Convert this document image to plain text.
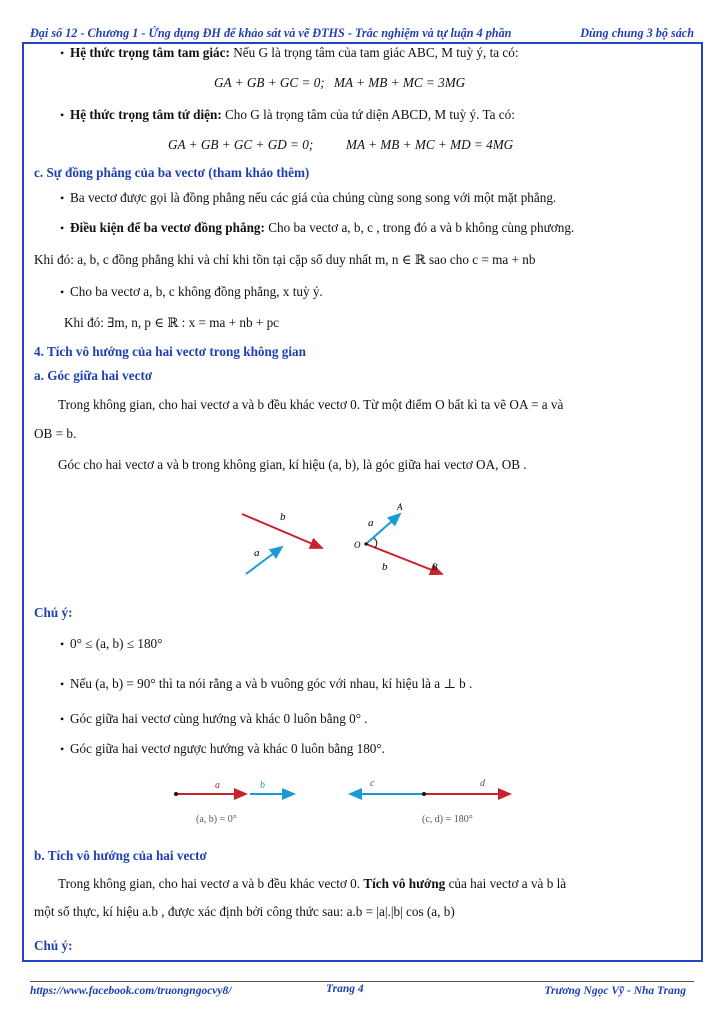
Đại số 12 - Chương 1 - Ứng dụng ĐH để khảo sát và vẽ ĐTHS - Trắc nghiệm và tự luận 4 phần	Dùng chung 3 bộ sách
• Hệ thức trọng tâm tam giác: Nếu G là trọng tâm của tam giác ABC, M tuỳ ý, ta có:
GA + GB + GC = 0; MA + MB + MC = 3MG
• Hệ thức trọng tâm tứ diện: Cho G là trọng tâm của tứ diện ABCD, M tuỳ ý. Ta có:
GA + GB + GC + GD = 0; MA + MB + MC + MD = 4MG
c. Sự đồng phẳng của ba vectơ (tham khảo thêm)
• Ba vectơ được gọi là đồng phẳng nếu các giá của chúng cùng song song với một mặt phẳng.
• Điều kiện để ba vectơ đồng phẳng: Cho ba vectơ a, b, c , trong đó a và b không cùng phương.
Khi đó: a, b, c đồng phẳng khi và chỉ khi tồn tại cặp số duy nhất m, n ∈ ℝ sao cho c = ma + nb
• Cho ba vectơ a, b, c không đồng phẳng, x tuỳ ý.
Khi đó: ∃m, n, p ∈ ℝ : x = ma + nb + pc
4. Tích vô hướng của hai vectơ trong không gian
a. Góc giữa hai vectơ
Trong không gian, cho hai vectơ a và b đều khác vectơ 0. Từ một điểm O bất kì ta vẽ OA = a và
OB = b.
Góc cho hai vectơ a và b trong không gian, kí hiệu (a, b), là góc giữa hai vectơ OA, OB .
b
a
a
A
O
b	B
Chú ý:
• 0° ≤ (a, b) ≤ 180°
• Nếu (a, b) = 90° thì ta nói rằng a và b vuông góc với nhau, kí hiệu là a ⊥ b .
• Góc giữa hai vectơ cùng hướng và khác 0 luôn bằng 0° .
• Góc giữa hai vectơ ngược hướng và khác 0 luôn bằng 180°.
a	b
(a, b) = 0°
c	d
(c, d) = 180°
b. Tích vô hướng của hai vectơ
Trong không gian, cho hai vectơ a và b đều khác vectơ 0. Tích vô hướng của hai vectơ a và b là
một số thực, kí hiệu a.b , được xác định bởi công thức sau: a.b = |a|.|b| cos (a, b)
Chú ý:
https://www.facebook.com/truongngocvy8/	Trang 4	Trương Ngọc Vỹ - Nha Trang
